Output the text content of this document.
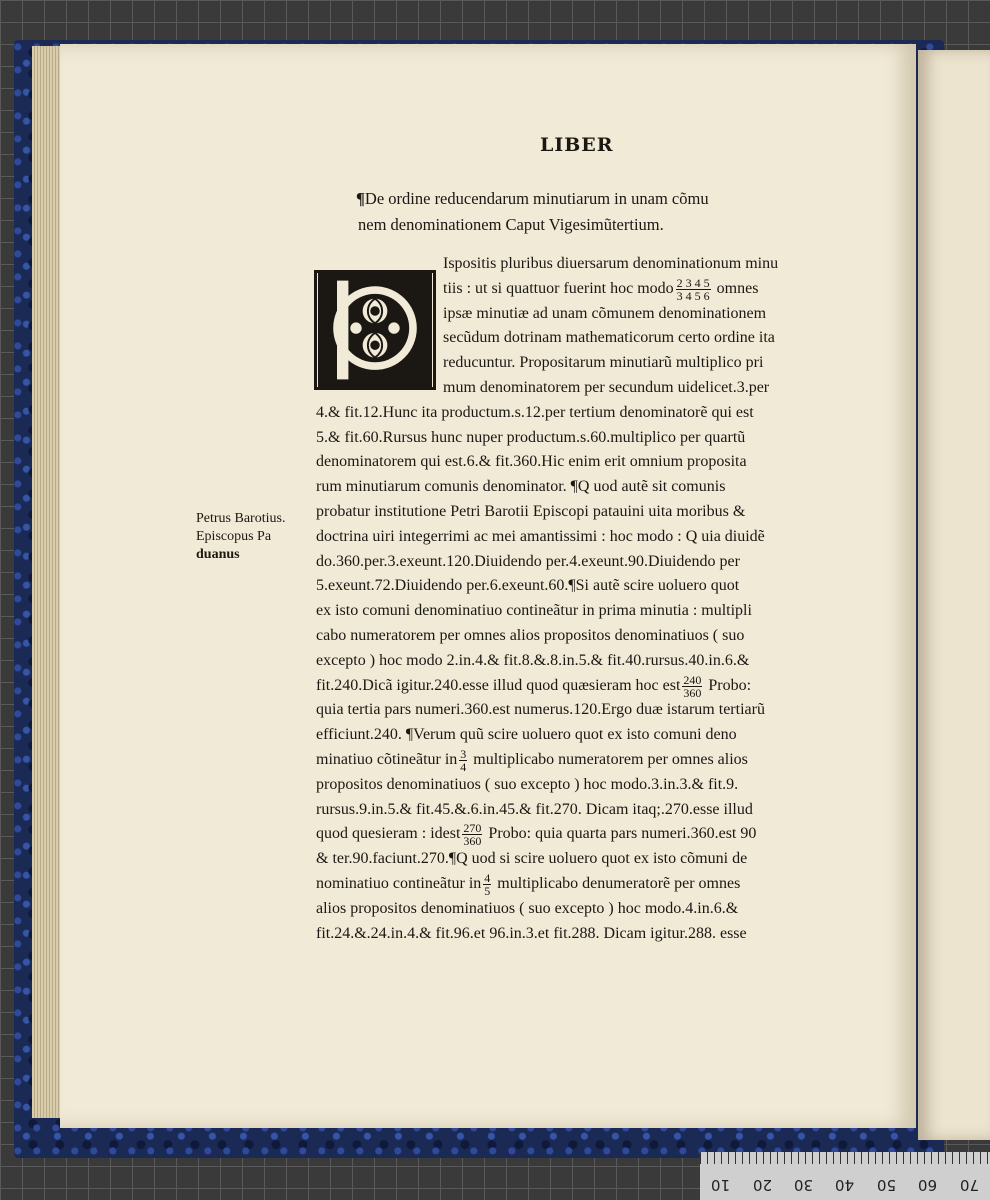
LIBER
¶De ordine reducendarum minutiarum in unam cõmu
nem denominationem Caput Vigesimũtertium.
Ispositis pluribus diuersarum denominationum minu
tiis : ut si quattuor fuerint hoc modo $\frac{2 3 4 5}{3 4 5 6}$ omnes
ipsæ minutiæ ad unam cõmunem denominationem
secũdum dotrinam mathematicorum certo ordine ita
reducuntur. Propositarum minutiarũ multiplico pri
mum denominatorem per secundum uidelicet.3.per
4.& fit.12.Hunc ita productum.s.12.per tertium denominatorẽ qui est
5.& fit.60.Rursus hunc nuper productum.s.60.multiplico per quartũ
denominatorem qui est.6.& fit.360.Hic enim erit omnium proposita
rum minutiarum comunis denominator. ¶Q uod autẽ sit comunis
probatur institutione Petri Barotii Episcopi patauini uita moribus &
doctrina uiri integerrimi ac mei amantissimi : hoc modo : Q uia diuidẽ
do.360.per.3.exeunt.120.Diuidendo per.4.exeunt.90.Diuidendo per
5.exeunt.72.Diuidendo per.6.exeunt.60.¶Si autẽ scire uoluero quot
ex isto comuni denominatiuo contineãtur in prima minutia : multipli
cabo numeratorem per omnes alios propositos denominatiuos ( suo
excepto ) hoc modo 2.in.4.& fit.8.&.8.in.5.& fit.40.rursus.40.in.6.&
fit.240.Dicã igitur.240.esse illud quod quæsieram hoc est $\frac{240}{360}$ Probo:
quia tertia pars numeri.360.est numerus.120.Ergo duæ istarum tertiarũ
efficiunt.240. ¶Verum quũ scire uoluero quot ex isto comuni deno
minatiuo cõtineãtur in $\frac{3}{4}$ multiplicabo numeratorem per omnes alios
propositos denominatiuos ( suo excepto ) hoc modo.3.in.3.& fit.9.
rursus.9.in.5.& fit.45.&.6.in.45.& fit.270. Dicam itaq;.270.esse illud
quod quesieram : idest $\frac{270}{360}$ Probo: quia quarta pars numeri.360.est 90
& ter.90.faciunt.270.¶Q uod si scire uoluero quot ex isto cõmuni de
nominatiuo contineãtur in $\frac{4}{5}$ multiplicabo denumeratorẽ per omnes
alios propositos denominatiuos ( suo excepto ) hoc modo.4.in.6.&
fit.24.&.24.in.4.& fit.96.et 96.in.3.et fit.288. Dicam igitur.288. esse
Petrus Barotius.
Episcopus Pa
duanus
10 20 30 40 50 60 70
